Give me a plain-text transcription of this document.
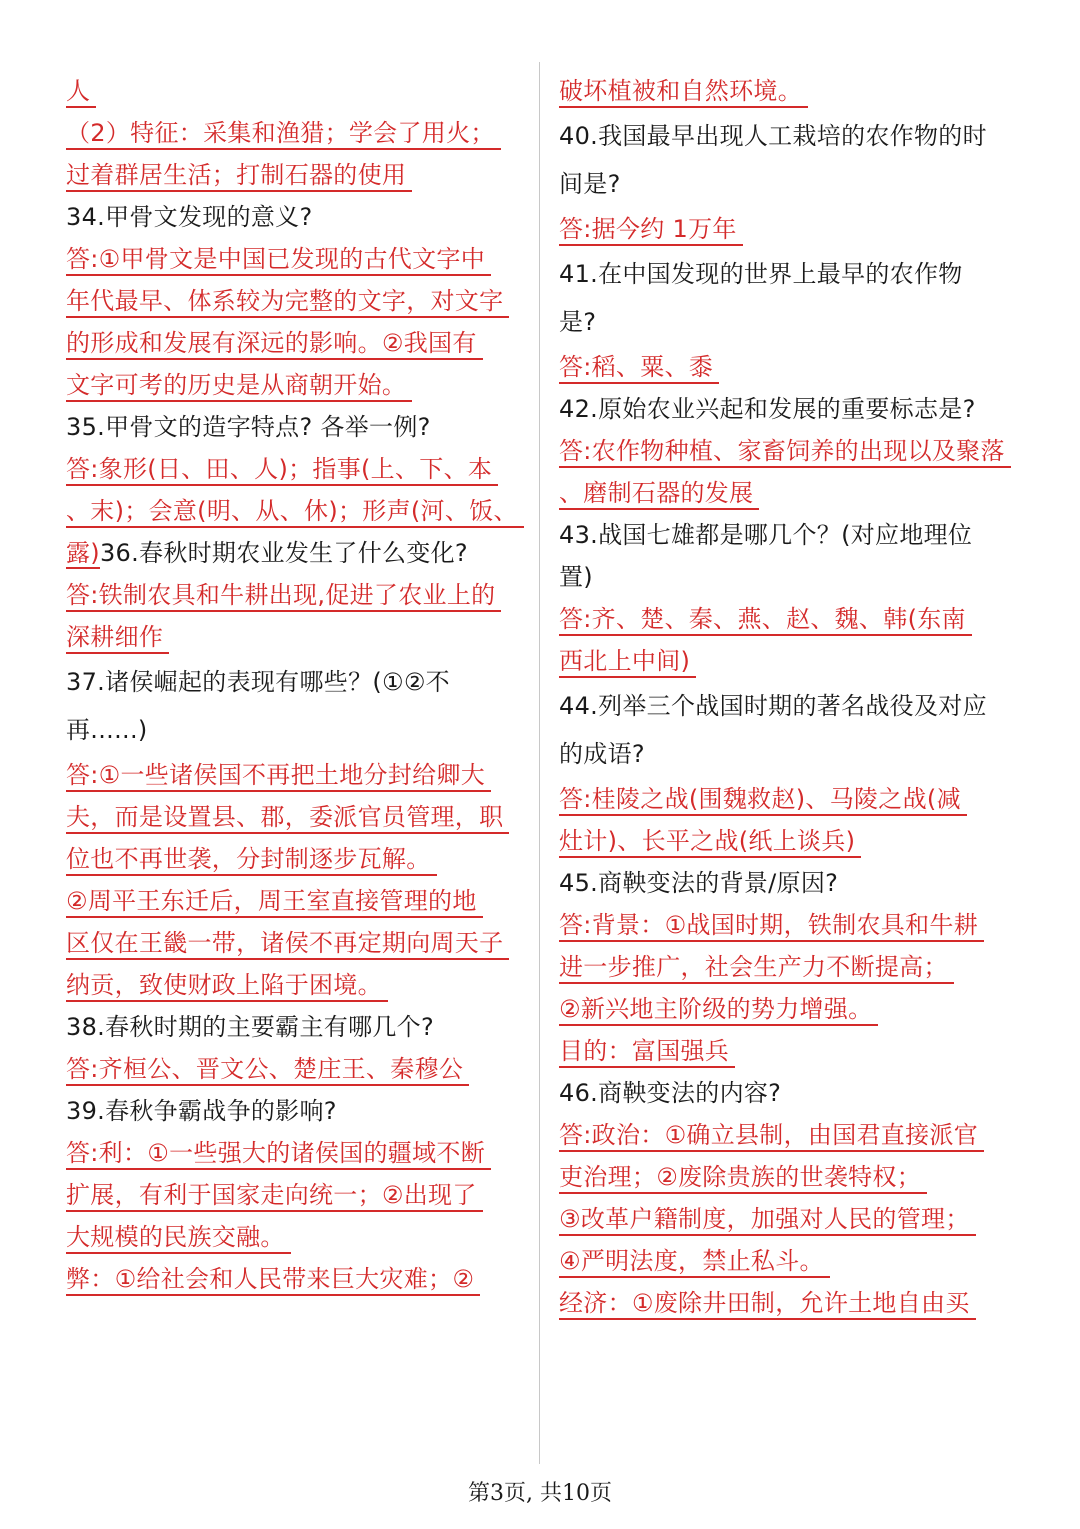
人
（2）特征：采集和渔猎；学会了用火；
过着群居生活；打制石器的使用
34.甲骨文发现的意义?
答:①甲骨文是中国已发现的古代文字中
年代最早、体系较为完整的文字，对文字
的形成和发展有深远的影响。②我国有
文字可考的历史是从商朝开始。
35.甲骨文的造字特点? 各举一例?
答:象形(日、田、人)；指事(上、下、本
、末)；会意(明、从、休)；形声(河、饭、
露)36.春秋时期农业发生了什么变化?
答:铁制农具和牛耕出现,促进了农业上的
深耕细作
37.诸侯崛起的表现有哪些？(①②不
再......)
答:①一些诸侯国不再把土地分封给卿大
夫，而是设置县、郡，委派官员管理，职
位也不再世袭，分封制逐步瓦解。
②周平王东迁后，周王室直接管理的地
区仅在王畿一带，诸侯不再定期向周天子
纳贡，致使财政上陷于困境。
38.春秋时期的主要霸主有哪几个?
答:齐桓公、晋文公、楚庄王、秦穆公
39.春秋争霸战争的影响?
答:利：①一些强大的诸侯国的疆域不断
扩展，有利于国家走向统一；②出现了
大规模的民族交融。
弊：①给社会和人民带来巨大灾难；②
破坏植被和自然环境。
40.我国最早出现人工栽培的农作物的时
间是?
答:据今约 1万年
41.在中国发现的世界上最早的农作物
是?
答:稻、粟、黍
42.原始农业兴起和发展的重要标志是?
答:农作物种植、家畜饲养的出现以及聚落
、磨制石器的发展
43.战国七雄都是哪几个？(对应地理位
置)
答:齐、楚、秦、燕、赵、魏、韩(东南
西北上中间)
44.列举三个战国时期的著名战役及对应
的成语?
答:桂陵之战(围魏救赵)、马陵之战(减
灶计)、长平之战(纸上谈兵)
45.商鞅变法的背景/原因?
答:背景：①战国时期，铁制农具和牛耕
进一步推广，社会生产力不断提高；
②新兴地主阶级的势力增强。
目的：富国强兵
46.商鞅变法的内容?
答:政治：①确立县制，由国君直接派官
吏治理；②废除贵族的世袭特权；
③改革户籍制度，加强对人民的管理；
④严明法度，禁止私斗。
经济：①废除井田制，允许土地自由买
第3页, 共10页
